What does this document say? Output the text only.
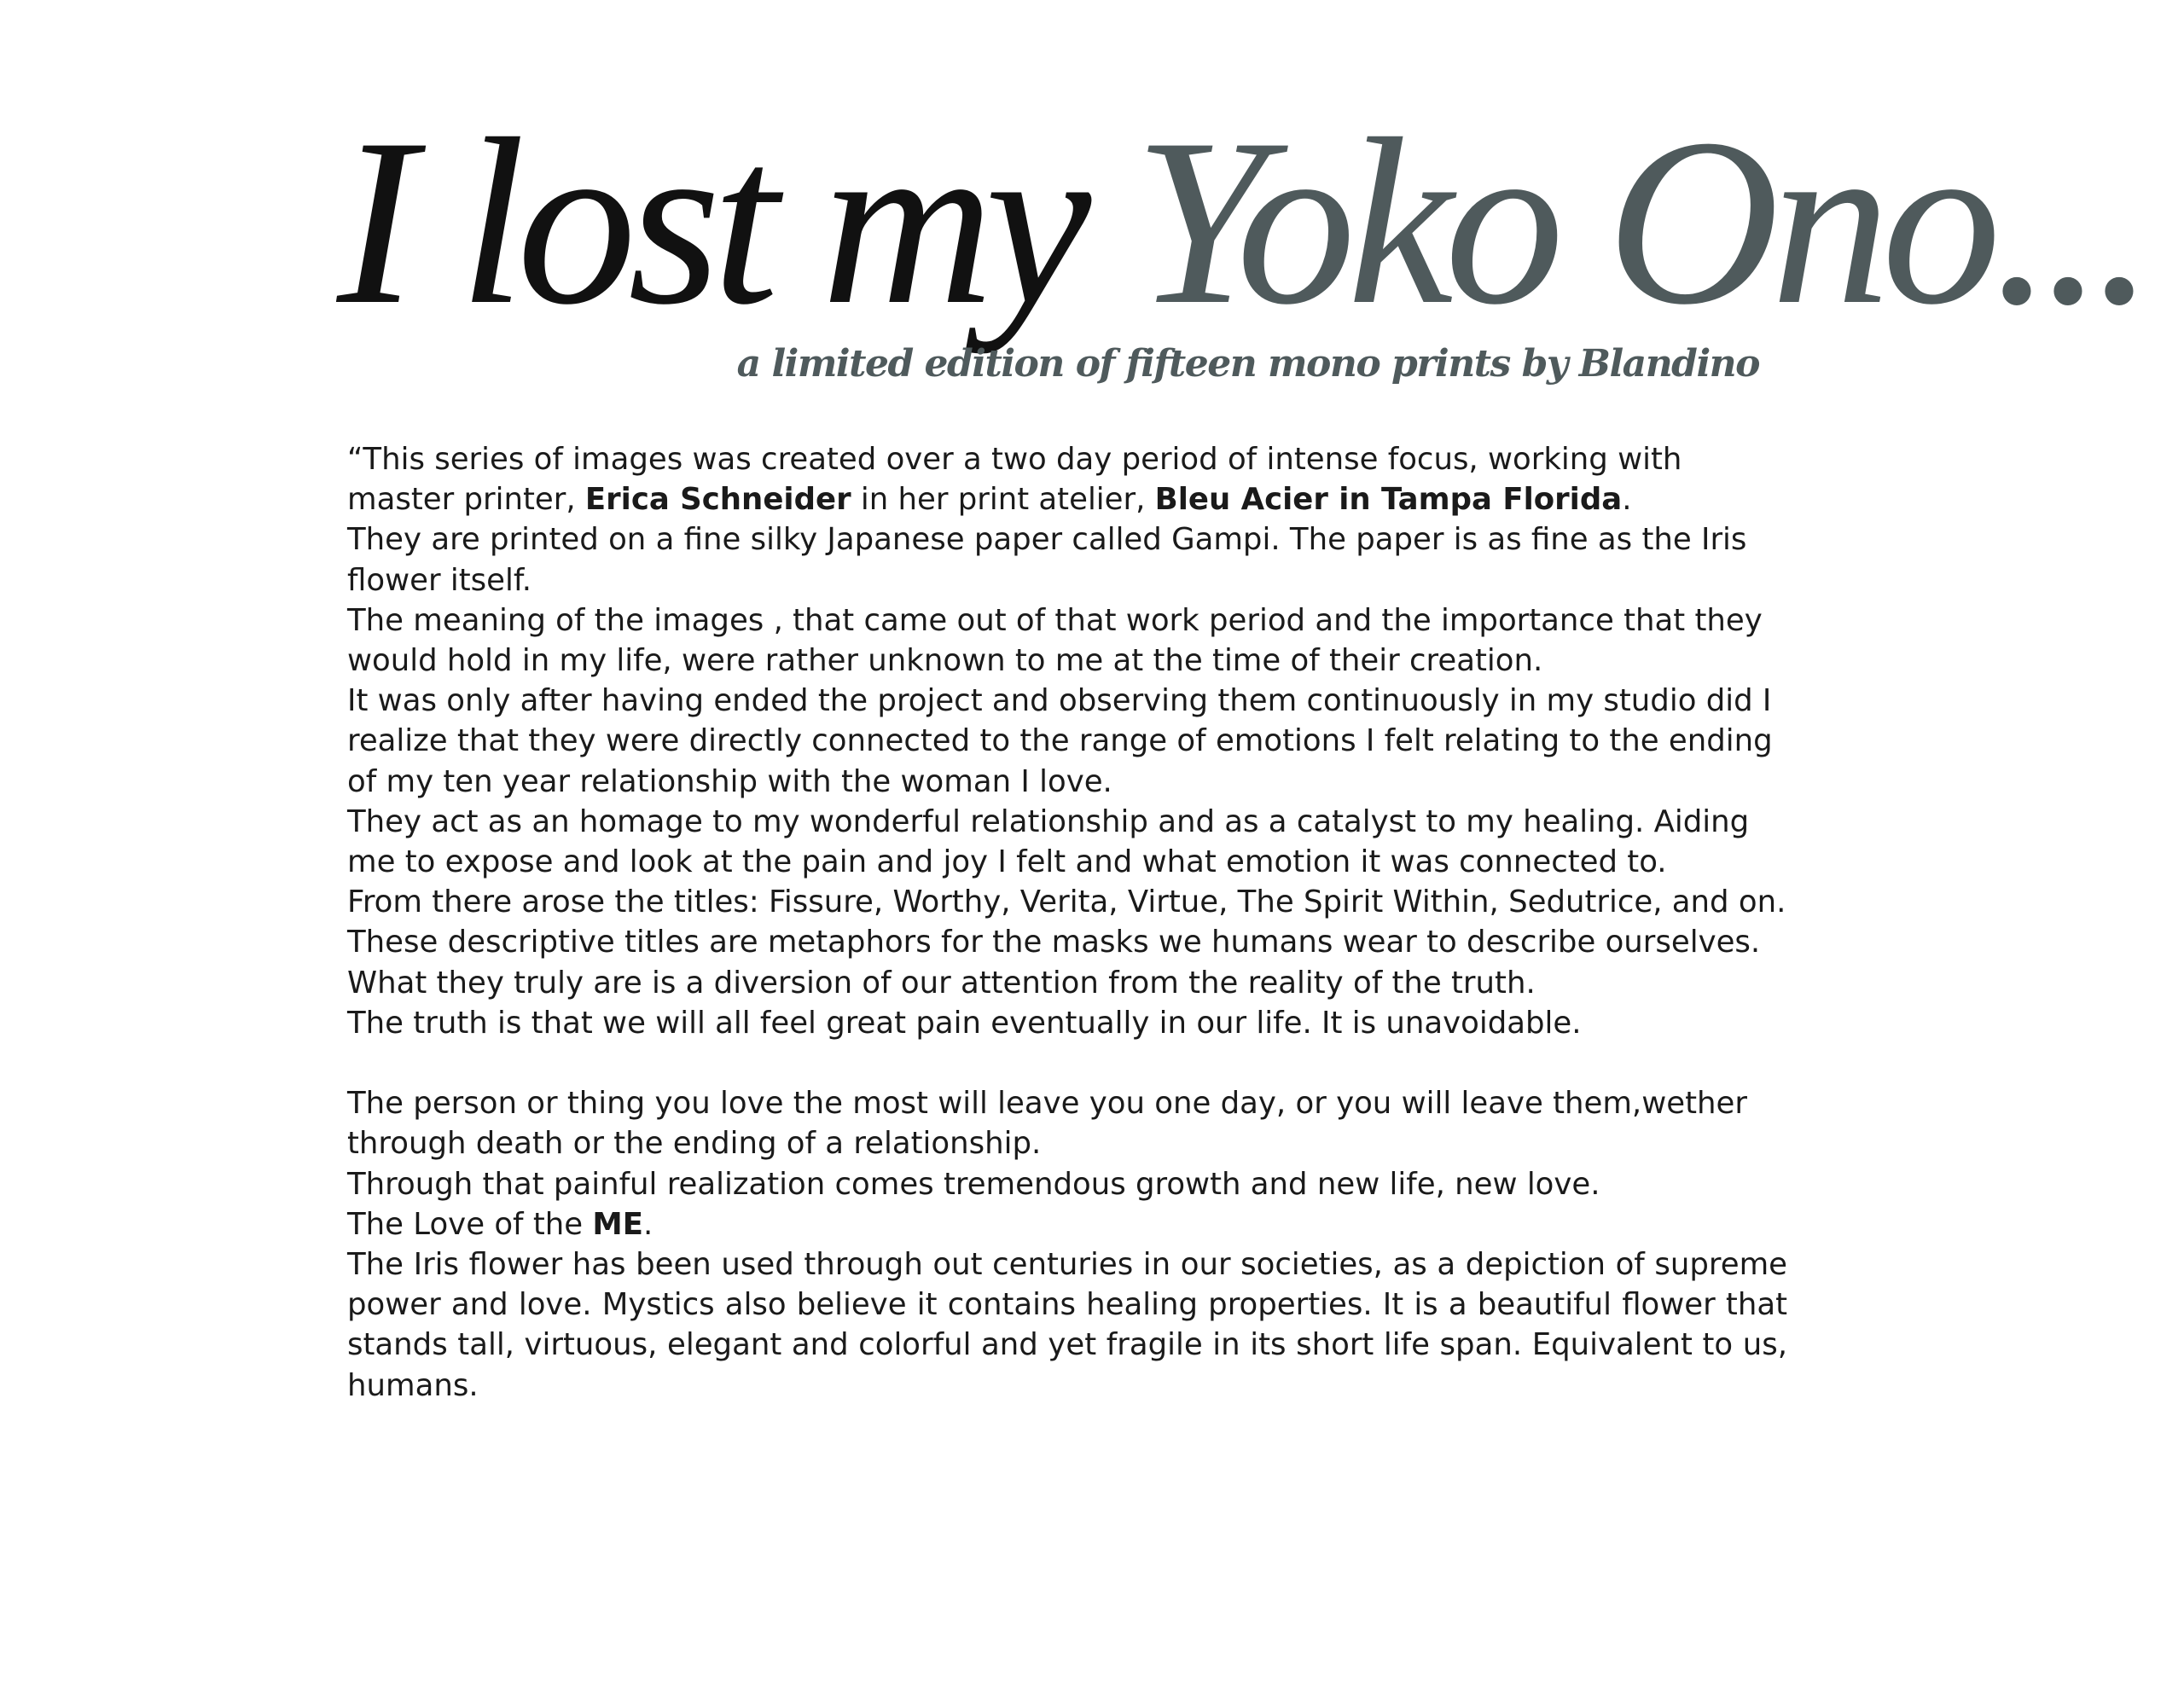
I lost my Yoko Ono...

a limited edition of fifteen mono prints by Blandino

“This series of images was created over a two day period of intense focus, working with master printer, Erica Schneider in her print atelier, Bleu Acier in Tampa Florida.

They are printed on a fine silky Japanese paper called Gampi. The paper is as fine as the Iris flower itself.

The meaning of the images , that came out of that work period and the importance that they would hold in my life, were rather unknown to me at the time of their creation.

It was only after having ended the project and observing them continuously in my studio did I realize that they were directly connected to the range of emotions I felt relating to the ending of my ten year relationship with the woman I love.

They act as an homage to my wonderful relationship and as a catalyst to my healing. Aiding me to expose and look at the pain and joy I felt and what emotion it was connected to.

From there arose the titles: Fissure, Worthy, Verita, Virtue, The Spirit Within, Sedutrice, and on.

These descriptive titles are metaphors for the masks we humans wear to describe ourselves. What they truly are is a diversion of our attention from the reality of the truth.

The truth is that we will all feel great pain eventually in our life. It is unavoidable.

The person or thing you love the most will leave you one day, or you will leave them,wether through death or the ending of a relationship.

Through that painful realization comes tremendous growth and new life, new love.

The Love of the ME.

The Iris flower has been used through out centuries in our societies, as a depiction of supreme power and love. Mystics also believe it contains healing properties. It is a beautiful flower that stands tall, virtuous, elegant and colorful and yet fragile in its short life span. Equivalent to us, humans.
